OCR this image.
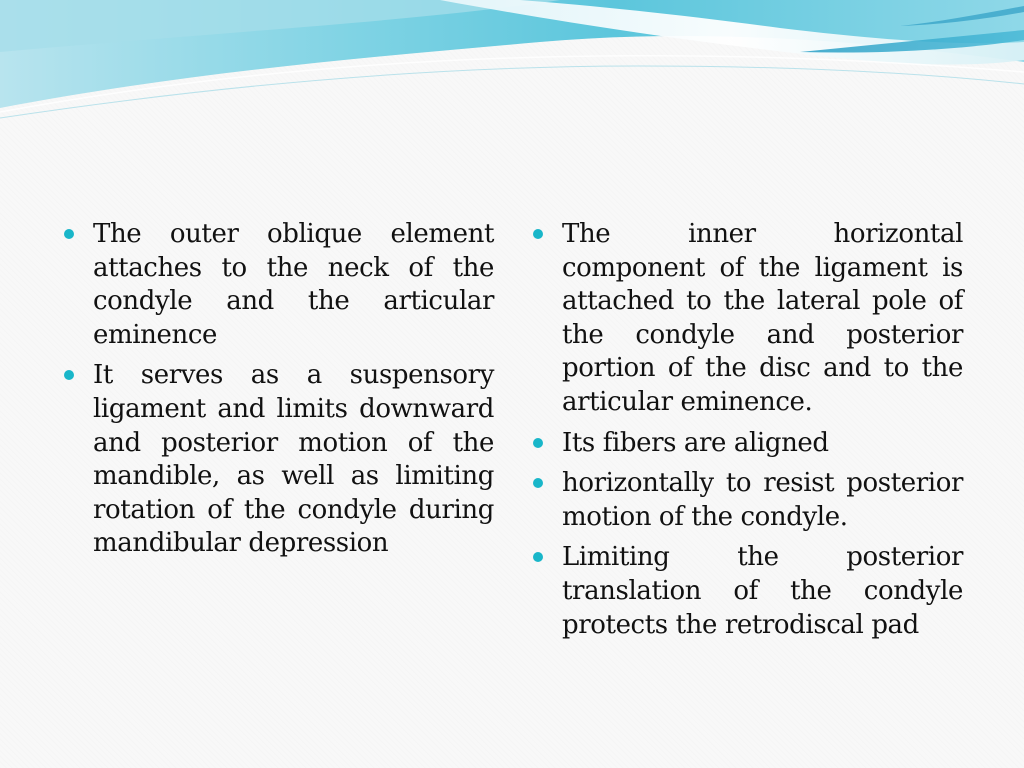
The outer oblique element attaches to the neck of the condyle and the articular eminence
It serves as a suspensory ligament and limits downward and posterior motion of the mandible, as well as limiting rotation of the condyle during mandibular depression
The inner horizontal component of the ligament is attached to the lateral pole of the condyle and posterior portion of the disc and to the articular eminence.
Its fibers are aligned
horizontally to resist posterior motion of the condyle.
Limiting the posterior translation of the condyle protects the retrodiscal pad
